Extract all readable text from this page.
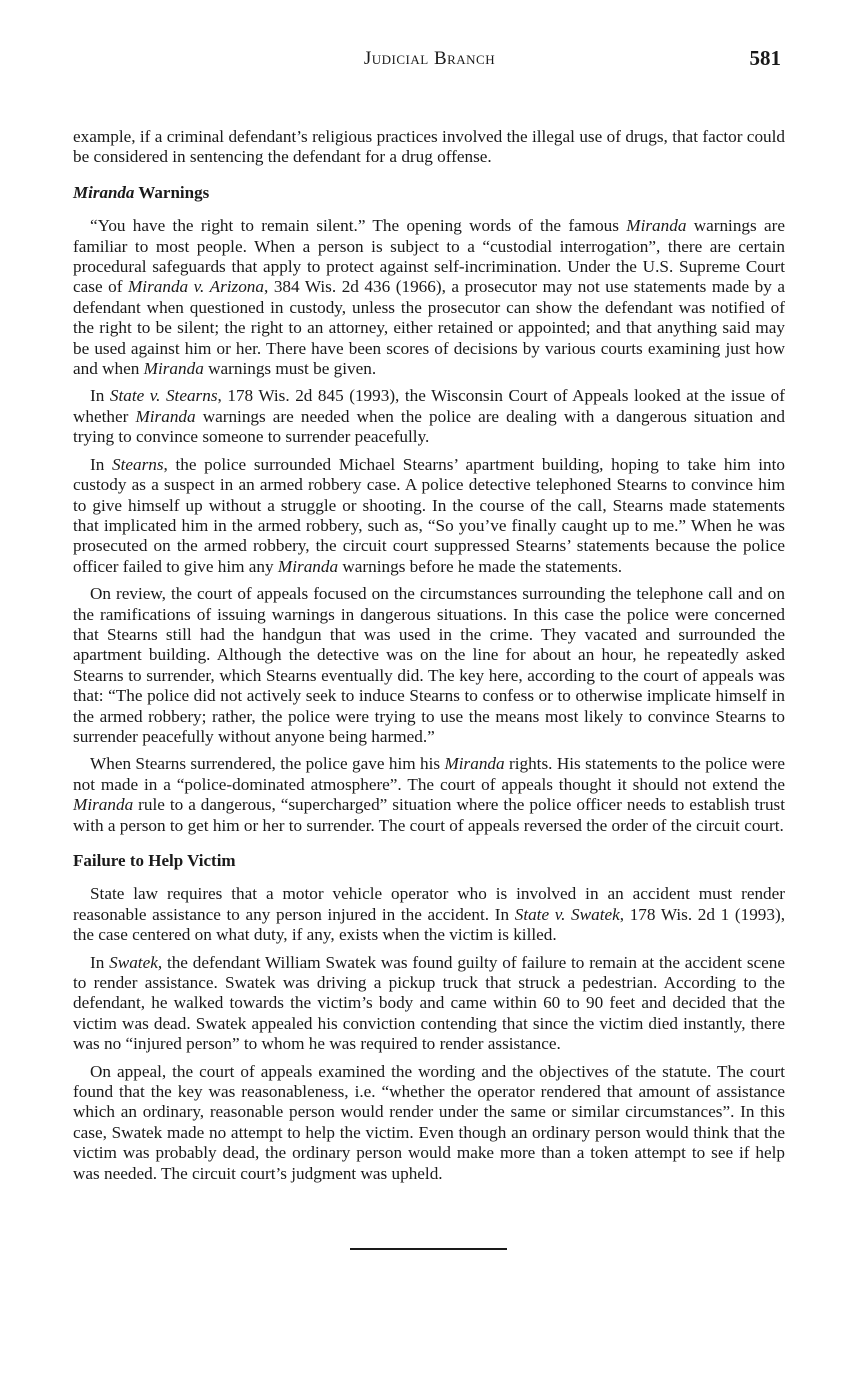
Judicial Branch	581

example, if a criminal defendant’s religious practices involved the illegal use of drugs, that factor could be considered in sentencing the defendant for a drug offense.

Miranda Warnings

“You have the right to remain silent.” The opening words of the famous Miranda warnings are familiar to most people. When a person is subject to a “custodial interrogation”, there are certain procedural safeguards that apply to protect against self-incrimination. Under the U.S. Supreme Court case of Miranda v. Arizona, 384 Wis. 2d 436 (1966), a prosecutor may not use statements made by a defendant when questioned in custody, unless the prosecutor can show the defendant was notified of the right to be silent; the right to an attorney, either retained or appointed; and that anything said may be used against him or her. There have been scores of decisions by various courts examining just how and when Miranda warnings must be given.

In State v. Stearns, 178 Wis. 2d 845 (1993), the Wisconsin Court of Appeals looked at the issue of whether Miranda warnings are needed when the police are dealing with a dangerous situation and trying to convince someone to surrender peacefully.

In Stearns, the police surrounded Michael Stearns’ apartment building, hoping to take him into custody as a suspect in an armed robbery case. A police detective telephoned Stearns to convince him to give himself up without a struggle or shooting. In the course of the call, Stearns made statements that implicated him in the armed robbery, such as, “So you’ve finally caught up to me.” When he was prosecuted on the armed robbery, the circuit court suppressed Stearns’ statements because the police officer failed to give him any Miranda warnings before he made the statements.

On review, the court of appeals focused on the circumstances surrounding the telephone call and on the ramifications of issuing warnings in dangerous situations. In this case the police were concerned that Stearns still had the handgun that was used in the crime. They vacated and surrounded the apartment building. Although the detective was on the line for about an hour, he repeatedly asked Stearns to surrender, which Stearns eventually did. The key here, according to the court of appeals was that: “The police did not actively seek to induce Stearns to confess or to otherwise implicate himself in the armed robbery; rather, the police were trying to use the means most likely to convince Stearns to surrender peacefully without anyone being harmed.”

When Stearns surrendered, the police gave him his Miranda rights. His statements to the police were not made in a “police-dominated atmosphere”. The court of appeals thought it should not extend the Miranda rule to a dangerous, “supercharged” situation where the police officer needs to establish trust with a person to get him or her to surrender. The court of appeals reversed the order of the circuit court.

Failure to Help Victim

State law requires that a motor vehicle operator who is involved in an accident must render reasonable assistance to any person injured in the accident. In State v. Swatek, 178 Wis. 2d 1 (1993), the case centered on what duty, if any, exists when the victim is killed.

In Swatek, the defendant William Swatek was found guilty of failure to remain at the accident scene to render assistance. Swatek was driving a pickup truck that struck a pedestrian. According to the defendant, he walked towards the victim’s body and came within 60 to 90 feet and decided that the victim was dead. Swatek appealed his conviction contending that since the victim died instantly, there was no “injured person” to whom he was required to render assistance.

On appeal, the court of appeals examined the wording and the objectives of the statute. The court found that the key was reasonableness, i.e. “whether the operator rendered that amount of assistance which an ordinary, reasonable person would render under the same or similar circumstances”. In this case, Swatek made no attempt to help the victim. Even though an ordinary person would think that the victim was probably dead, the ordinary person would make more than a token attempt to see if help was needed. The circuit court’s judgment was upheld.
